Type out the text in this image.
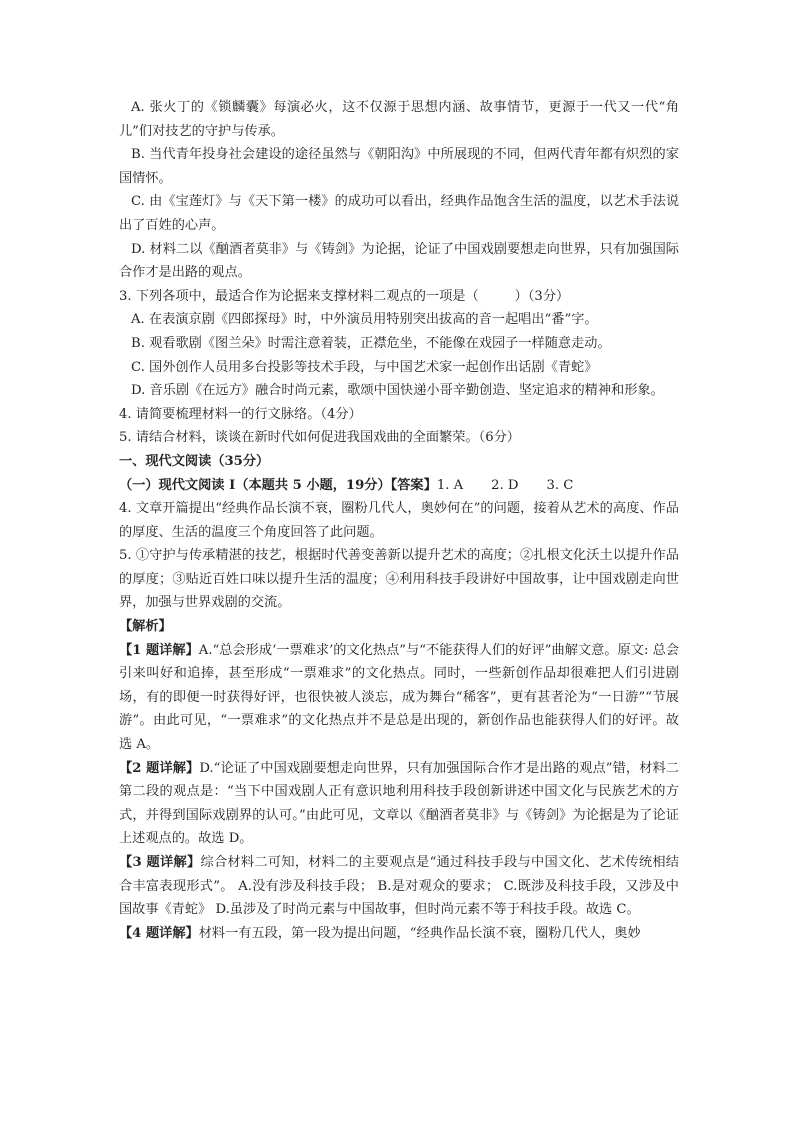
A. 张火丁的《锁麟囊》每演必火，这不仅源于思想内涵、故事情节，更源于一代又一代“角儿”们对技艺的守护与传承。

B. 当代青年投身社会建设的途径虽然与《朝阳沟》中所展现的不同，但两代青年都有炽烈的家国情怀。

C. 由《宝莲灯》与《天下第一楼》的成功可以看出，经典作品饱含生活的温度，以艺术手法说出了百姓的心声。

D. 材料二以《酗酒者莫非》与《铸剑》为论据，论证了中国戏剧要想走向世界，只有加强国际合作才是出路的观点。

3. 下列各项中，最适合作为论据来支撑材料二观点的一项是（	）（3分）

A. 在表演京剧《四郎探母》时，中外演员用特别突出拔高的音一起唱出“番”字。

B. 观看歌剧《图兰朵》时需注意着装，正襟危坐，不能像在戏园子一样随意走动。

C. 国外创作人员用多台投影等技术手段，与中国艺术家一起创作出话剧《青蛇》

D. 音乐剧《在远方》融合时尚元素，歌颂中国快递小哥辛勤创造、坚定追求的精神和形象。

4. 请简要梳理材料一的行文脉络。（4分）

5. 请结合材料，谈谈在新时代如何促进我国戏曲的全面繁荣。（6分）

一、现代文阅读（35分）

（一）现代文阅读 I（本题共 5 小题，19分）【答案】1. A 2. D 3. C

4. 文章开篇提出“经典作品长演不衰，圈粉几代人，奥妙何在”的问题，接着从艺术的高度、作品的厚度、生活的温度三个角度回答了此问题。

5. ①守护与传承精湛的技艺，根据时代善变善新以提升艺术的高度；②扎根文化沃土以提升作品的厚度；③贴近百姓口味以提升生活的温度；④利用科技手段讲好中国故事，让中国戏剧走向世界，加强与世界戏剧的交流。

【解析】

【1 题详解】A.“总会形成‘一票难求’的文化热点”与“不能获得人们的好评”曲解文意。原文: 总会引来叫好和追捧，甚至形成“一票难求”的文化热点。同时，一些新创作品却很难把人们引进剧场，有的即便一时获得好评，也很快被人淡忘，成为舞台“稀客”，更有甚者沦为“一日游”“节展游”。由此可见，“一票难求”的文化热点并不是总是出现的，新创作品也能获得人们的好评。故选 A。

【2 题详解】D.“论证了中国戏剧要想走向世界，只有加强国际合作才是出路的观点”错，材料二第二段的观点是：“当下中国戏剧人正有意识地利用科技手段创新讲述中国文化与民族艺术的方式，并得到国际戏剧界的认可。”由此可见，文章以《酗酒者莫非》与《铸剑》为论据是为了论证上述观点的。故选 D。

【3 题详解】综合材料二可知，材料二的主要观点是“通过科技手段与中国文化、艺术传统相结合丰富表现形式”。 A.没有涉及科技手段； B.是对观众的要求； C.既涉及科技手段，又涉及中国故事《青蛇》 D.虽涉及了时尚元素与中国故事，但时尚元素不等于科技手段。故选 C。

【4 题详解】材料一有五段，第一段为提出问题，“经典作品长演不衰，圈粉几代人，奥妙
